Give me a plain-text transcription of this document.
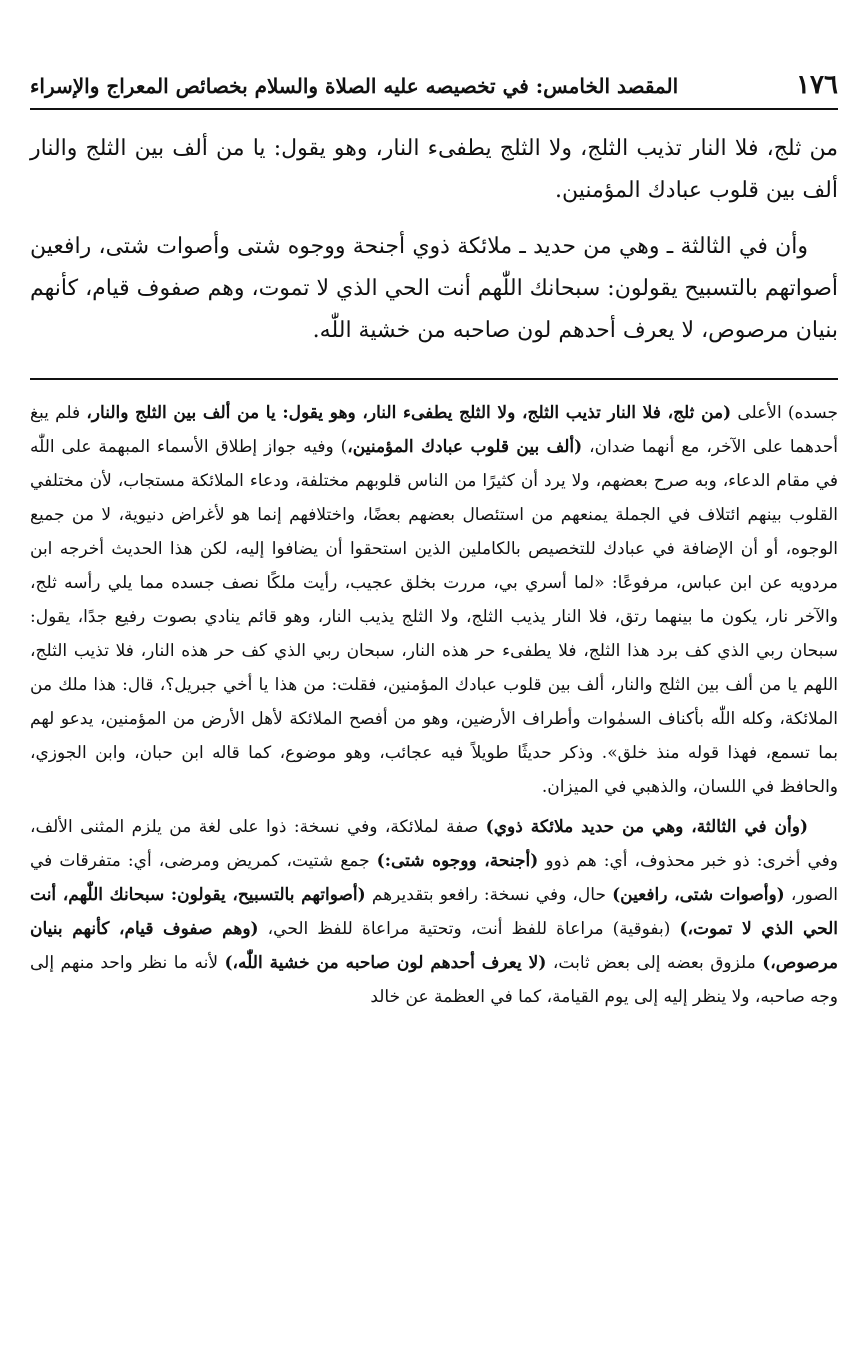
١٧٦
المقصد الخامس: في تخصيصه عليه الصلاة والسلام بخصائص المعراج والإسراء

من ثلج، فلا النار تذيب الثلج، ولا الثلج يطفىء النار، وهو يقول: يا من ألف بين الثلج والنار ألف بين قلوب عبادك المؤمنين.

وأن في الثالثة ـ وهي من حديد ـ ملائكة ذوي أجنحة ووجوه شتى وأصوات شتى، رافعين أصواتهم بالتسبيح يقولون: سبحانك اللّٰهم أنت الحي الذي لا تموت، وهم صفوف قيام، كأنهم بنيان مرصوص، لا يعرف أحدهم لون صاحبه من خشية اللّٰه.

جسده) الأعلى (من ثلج، فلا النار تذيب الثلج، ولا الثلج يطفىء النار، وهو يقول: يا من ألف بين الثلج والنار، فلم يبغ أحدهما على الآخر، مع أنهما ضدان، (ألف بين قلوب عبادك المؤمنين،) وفيه جواز إطلاق الأسماء المبهمة على اللّٰه في مقام الدعاء، وبه صرح بعضهم، ولا يرد أن كثيرًا من الناس قلوبهم مختلفة، ودعاء الملائكة مستجاب، لأن مختلفي القلوب بينهم ائتلاف في الجملة يمنعهم من استئصال بعضهم بعضًا، واختلافهم إنما هو لأغراض دنيوية، لا من جميع الوجوه، أو أن الإضافة في عبادك للتخصيص بالكاملين الذين استحقوا أن يضافوا إليه، لكن هذا الحديث أخرجه ابن مردويه عن ابن عباس، مرفوعًا: «لما أسري بي، مررت بخلق عجيب، رأيت ملكًا نصف جسده مما يلي رأسه ثلج، والآخر نار، يكون ما بينهما رتق، فلا النار يذيب الثلج، ولا الثلج يذيب النار، وهو قائم ينادي بصوت رفيع جدًا، يقول: سبحان ربي الذي كف برد هذا الثلج، فلا يطفىء حر هذه النار، سبحان ربي الذي كف حر هذه النار، فلا تذيب الثلج، اللهم يا من ألف بين الثلج والنار، ألف بين قلوب عبادك المؤمنين، فقلت: من هذا يا أخي جبريل؟، قال: هذا ملك من الملائكة، وكله اللّٰه بأكناف السمٰوات وأطراف الأرضين، وهو من أفصح الملائكة لأهل الأرض من المؤمنين، يدعو لهم بما تسمع، فهذا قوله منذ خلق». وذكر حديثًا طويلاً فيه عجائب، وهو موضوع، كما قاله ابن حبان، وابن الجوزي، والحافظ في اللسان، والذهبي في الميزان.

(وأن في الثالثة، وهي من حديد ملائكة ذوي) صفة لملائكة، وفي نسخة: ذوا على لغة من يلزم المثنى الألف، وفي أخرى: ذو خبر محذوف، أي: هم ذوو (أجنحة، ووجوه شتى:) جمع شتيت، كمريض ومرضى، أي: متفرقات في الصور، (وأصوات شتى، رافعين) حال، وفي نسخة: رافعو بتقديرهم (أصواتهم بالتسبيح، يقولون: سبحانك اللّٰهم، أنت الحي الذي لا تموت،) (بفوقية) مراعاة للفظ أنت، وتحتية مراعاة للفظ الحي، (وهم صفوف قيام، كأنهم بنيان مرصوص،) ملزوق بعضه إلى بعض ثابت، (لا يعرف أحدهم لون صاحبه من خشية اللّٰه،) لأنه ما نظر واحد منهم إلى وجه صاحبه، ولا ينظر إليه إلى يوم القيامة، كما في العظمة عن خالد
